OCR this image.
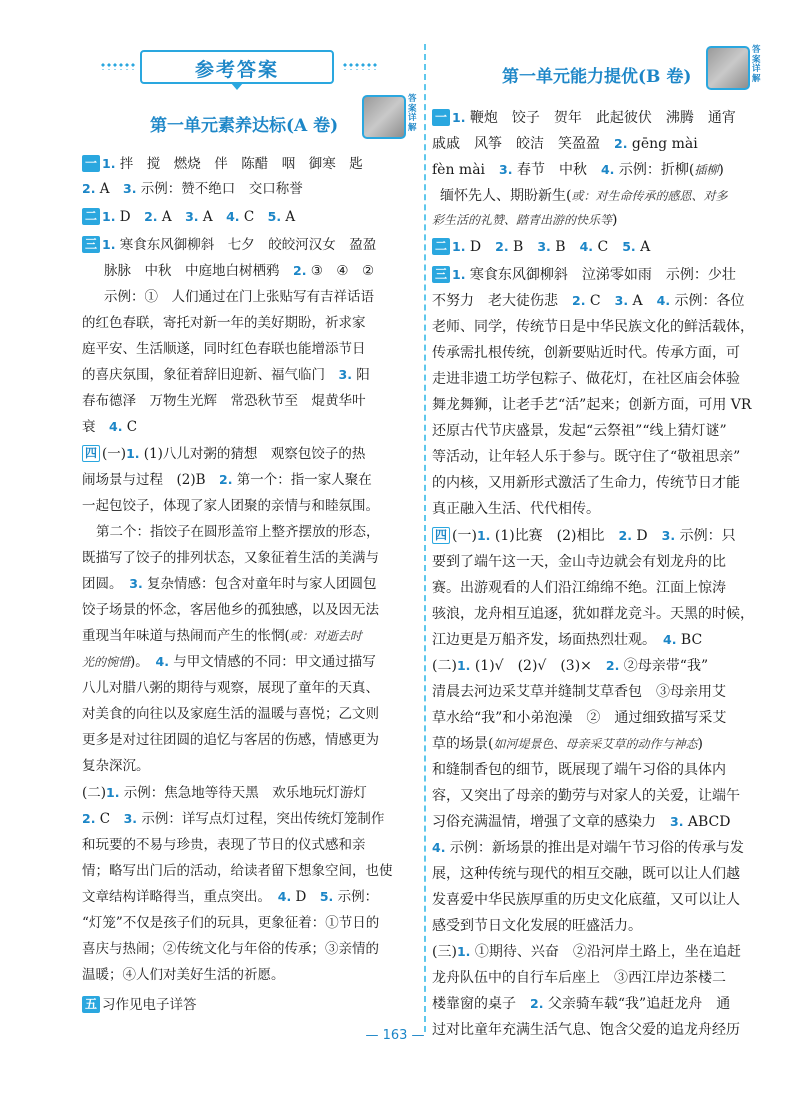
参考答案
第一单元素养达标(A 卷)
答案详解
一 1. 拌　搅　燃烧　伴　陈醋　咽　御寒　匙
2. A　3. 示例：赞不绝口　交口称誉
二 1. D　2. A　3. A　4. C　5. A
三 1. 寒食东风御柳斜　七夕　皎皎河汉女　盈盈
脉脉　中秋　中庭地白树栖鸦　2. ③　④　②
示例：①　人们通过在门上张贴写有吉祥话语
的红色春联，寄托对新一年的美好期盼，祈求家
庭平安、生活顺遂，同时红色春联也能增添节日
的喜庆氛围，象征着辞旧迎新、福气临门　3. 阳
春布德泽　万物生光辉　常恐秋节至　焜黄华叶
衰　4. C
四 (一)1. (1)八儿对粥的猜想　观察包饺子的热
闹场景与过程　(2)B　2. 第一个：指一家人聚在
一起包饺子，体现了家人团聚的亲情与和睦氛围。
第二个：指饺子在圆形盖帘上整齐摆放的形态，
既描写了饺子的排列状态，又象征着生活的美满与
团圆。　3. 复杂情感：包含对童年时与家人团圆包
饺子场景的怀念，客居他乡的孤独感，以及因无法
重现当年味道与热闹而产生的怅惘(或：对逝去时
光的惋惜)。　4. 与甲文情感的不同：甲文通过描写
八儿对腊八粥的期待与观察，展现了童年的天真、
对美食的向往以及家庭生活的温暖与喜悦；乙文则
更多是对过往团圆的追忆与客居的伤感，情感更为
复杂深沉。
(二)1. 示例：焦急地等待天黑　欢乐地玩灯游灯
2. C　3. 示例：详写点灯过程，突出传统灯笼制作
和玩要的不易与珍贵，表现了节日的仪式感和亲
情；略写出门后的活动，给读者留下想象空间，也使
文章结构详略得当，重点突出。　4. D　5. 示例：
“灯笼”不仅是孩子们的玩具，更象征着：①节日的
喜庆与热闹；②传统文化与年俗的传承；③亲情的
温暖；④人们对美好生活的祈愿。
五 习作见电子详答
答案详解
第一单元能力提优(B 卷)
一 1. 鞭炮　饺子　贺年　此起彼伏　沸腾　通宵
戚戚　风筝　皎洁　笑盈盈　2. gēng mài
fèn mài　3. 春节　中秋　4. 示例：折柳(插柳)
缅怀先人、期盼新生(或：对生命传承的感恩、对多
彩生活的礼赞、踏青出游的快乐等)
二 1. D　2. B　3. B　4. C　5. A
三 1. 寒食东风御柳斜　泣涕零如雨　示例：少壮
不努力　老大徒伤悲　2. C　3. A　4. 示例：各位
老师、同学，传统节日是中华民族文化的鲜活载体，
传承需扎根传统，创新要贴近时代。传承方面，可
走进非遗工坊学包粽子、做花灯，在社区庙会体验
舞龙舞狮，让老手艺“活”起来；创新方面，可用 VR
还原古代节庆盛景，发起“云祭祖”“线上猜灯谜”
等活动，让年轻人乐于参与。既守住了“敬祖思亲”
的内核，又用新形式激活了生命力，传统节日才能
真正融入生活、代代相传。
四 (一)1. (1)比赛　(2)相比　2. D　3. 示例：只
要到了端午这一天，金山寺边就会有划龙舟的比
赛。出游观看的人们沿江绵绵不绝。江面上惊涛
骇浪，龙舟相互追逐，犹如群龙竞斗。天黑的时候，
江边更是万船齐发，场面热烈壮观。　4. BC
(二)1. (1)√　(2)√　(3)×　2. ②母亲带“我”
清晨去河边采艾草并缝制艾草香包　③母亲用艾
草水给“我”和小弟泡澡　②　通过细致描写采艾
草的场景(如河堤景色、母亲采艾草的动作与神态)
和缝制香包的细节，既展现了端午习俗的具体内
容，又突出了母亲的勤劳与对家人的关爱，让端午
习俗充满温情，增强了文章的感染力　3. ABCD
4. 示例：新场景的推出是对端午节习俗的传承与发
展，这种传统与现代的相互交融，既可以让人们越
发喜爱中华民族厚重的历史文化底蕴，又可以让人
感受到节日文化发展的旺盛活力。
(三)1. ①期待、兴奋　②沿河岸土路上，坐在追赶
龙舟队伍中的自行车后座上　③西江岸边茶楼二
楼靠窗的桌子　2. 父亲骑车载“我”追赶龙舟　通
过对比童年充满生活气息、饱含父爱的追龙舟经历
— 163 —
